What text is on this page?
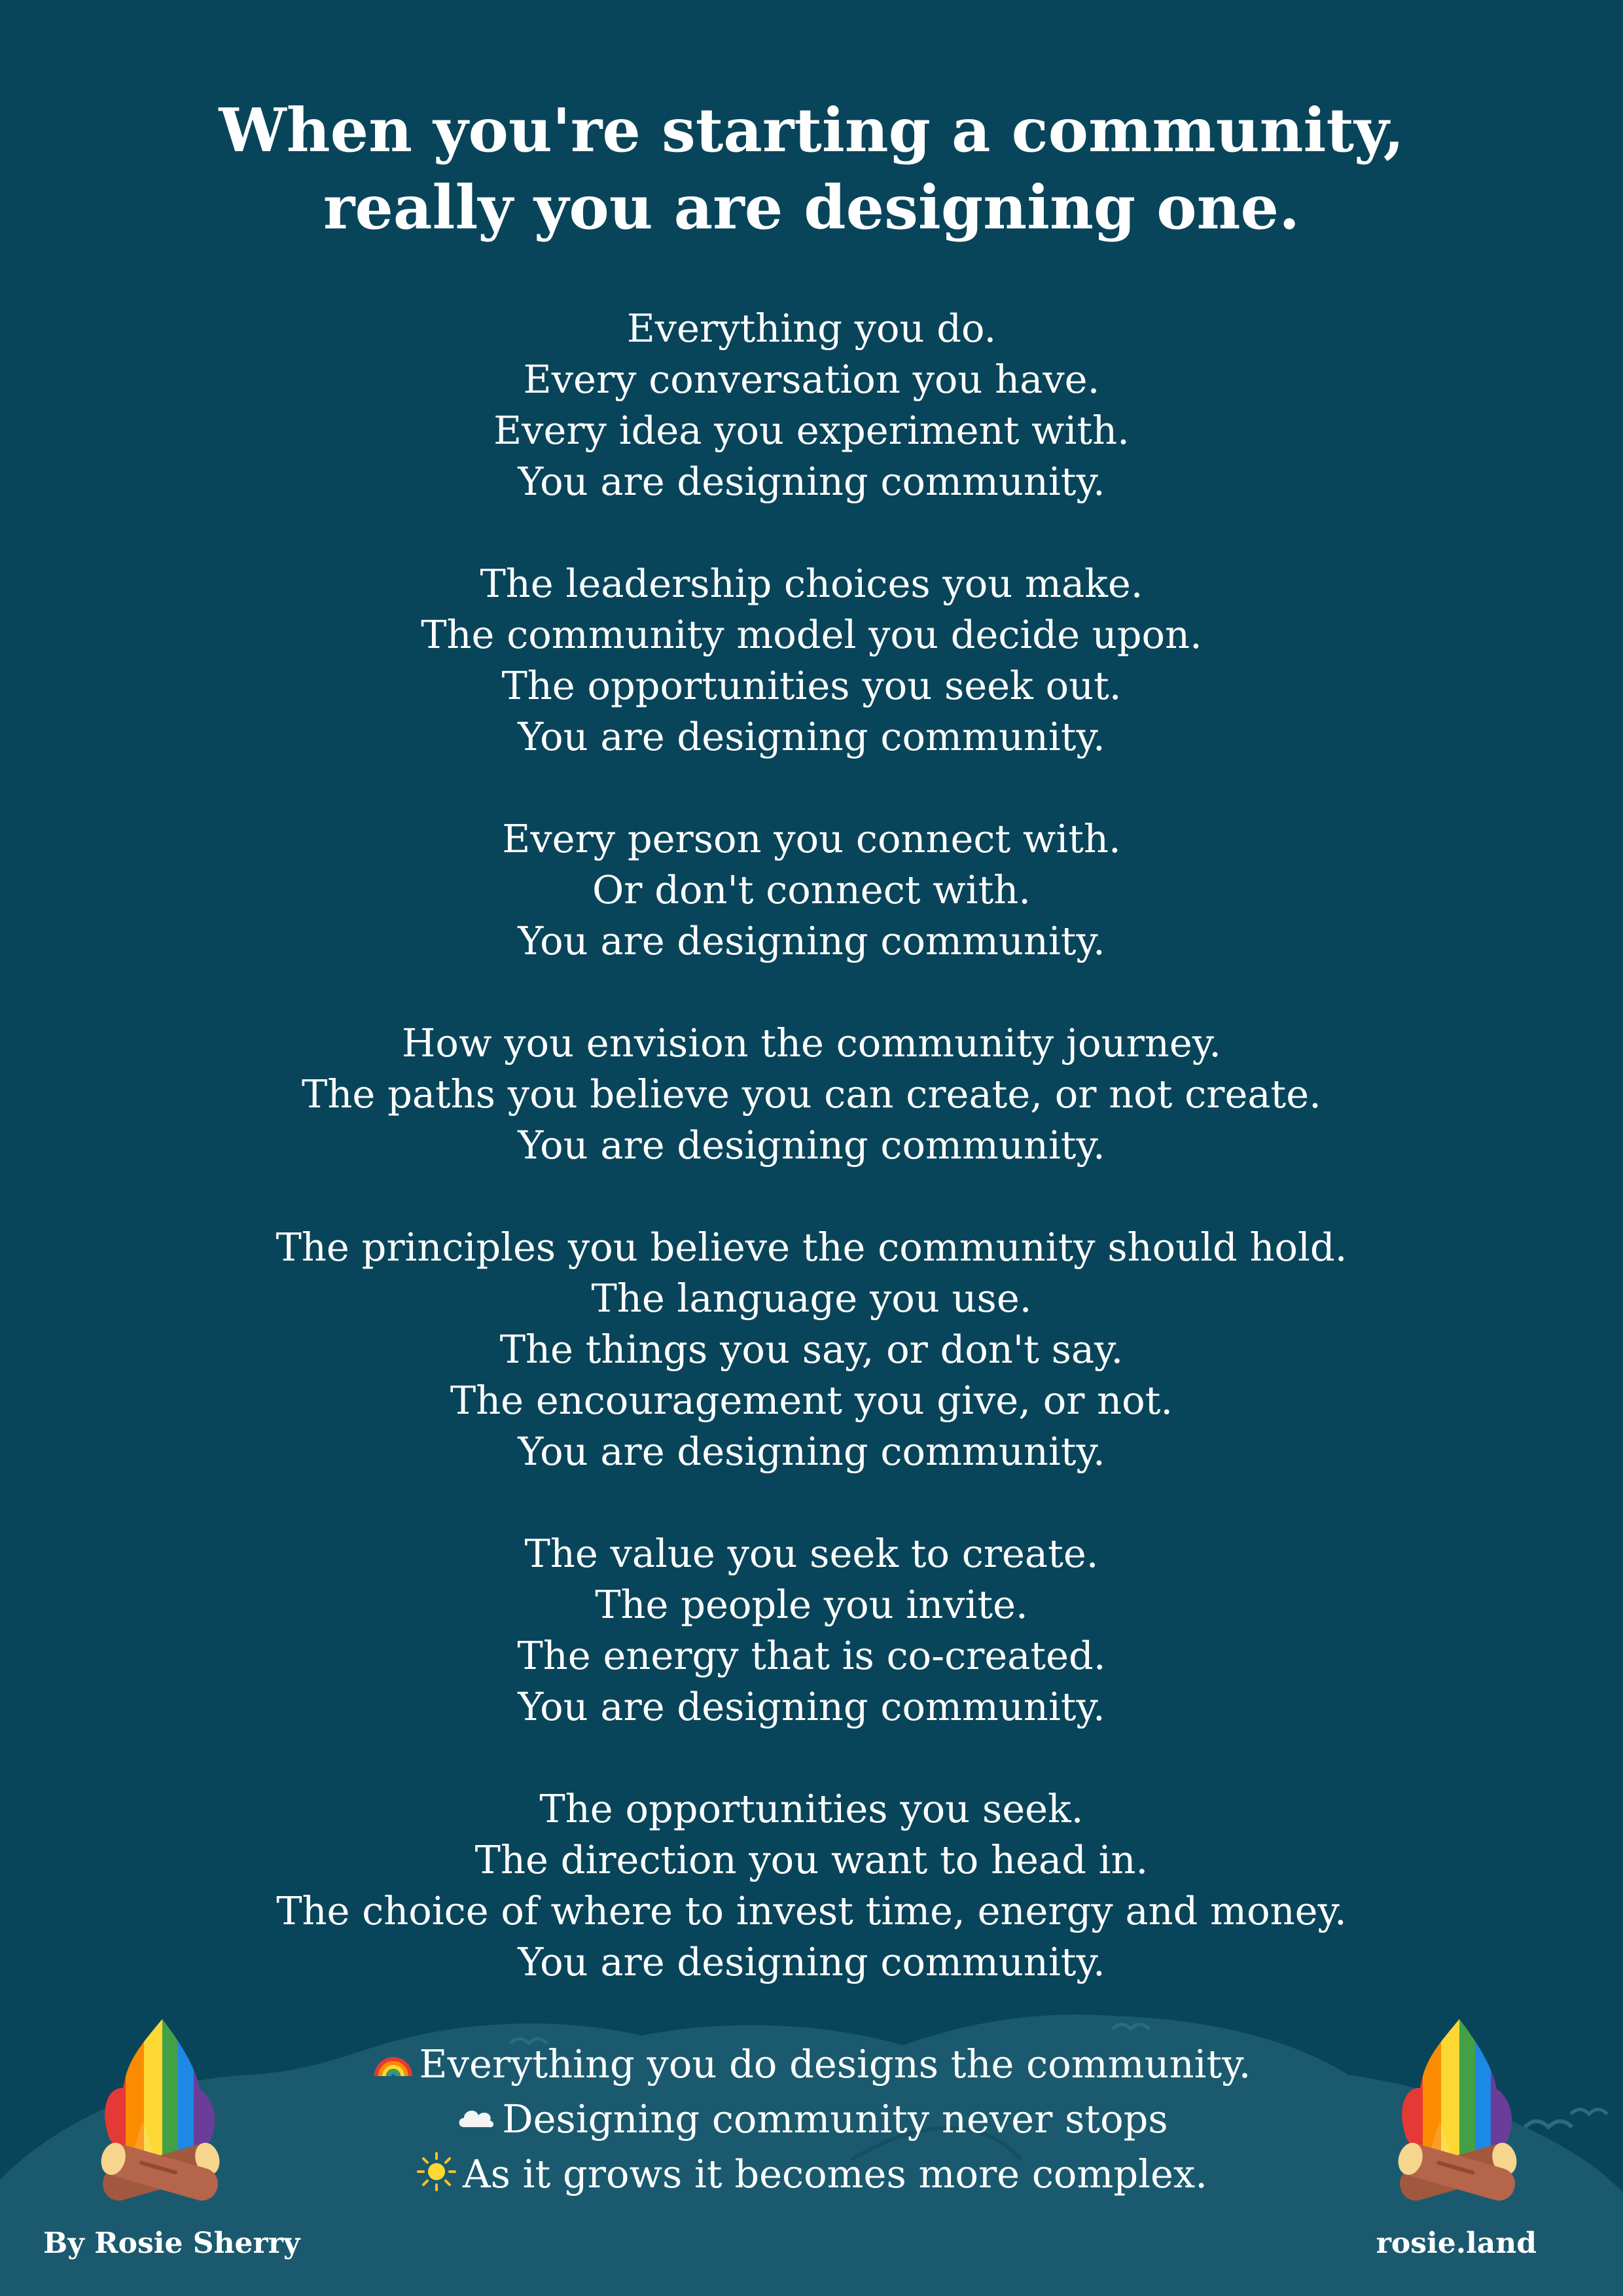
When you're starting a community,
really you are designing one.
Everything you do.
Every conversation you have.
Every idea you experiment with.
You are designing community.
The leadership choices you make.
The community model you decide upon.
The opportunities you seek out.
You are designing community.
Every person you connect with.
Or don't connect with.
You are designing community.
How you envision the community journey.
The paths you believe you can create, or not create.
You are designing community.
The principles you believe the community should hold.
The language you use.
The things you say, or don't say.
The encouragement you give, or not.
You are designing community.
The value you seek to create.
The people you invite.
The energy that is co-created.
You are designing community.
The opportunities you seek.
The direction you want to head in.
The choice of where to invest time, energy and money.
You are designing community.
Everything you do designs the community.
Designing community never stops
As it grows it becomes more complex.
By Rosie Sherry	rosie.land
